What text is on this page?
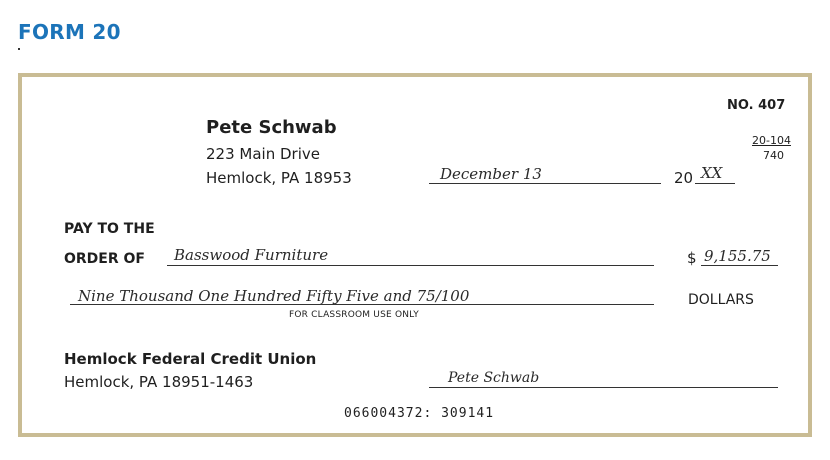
FORM 20
NO. 407
Pete Schwab
223 Main Drive
Hemlock, PA 18953
20-104
740
December 13	20 XX
PAY TO THE
ORDER OF Basswood Furniture	$ 9,155.75
Nine Thousand One Hundred Fifty Five and 75/100	DOLLARS
FOR CLASSROOM USE ONLY
Hemlock Federal Credit Union
Hemlock, PA 18951-1463	Pete Schwab
066004372: 309141
